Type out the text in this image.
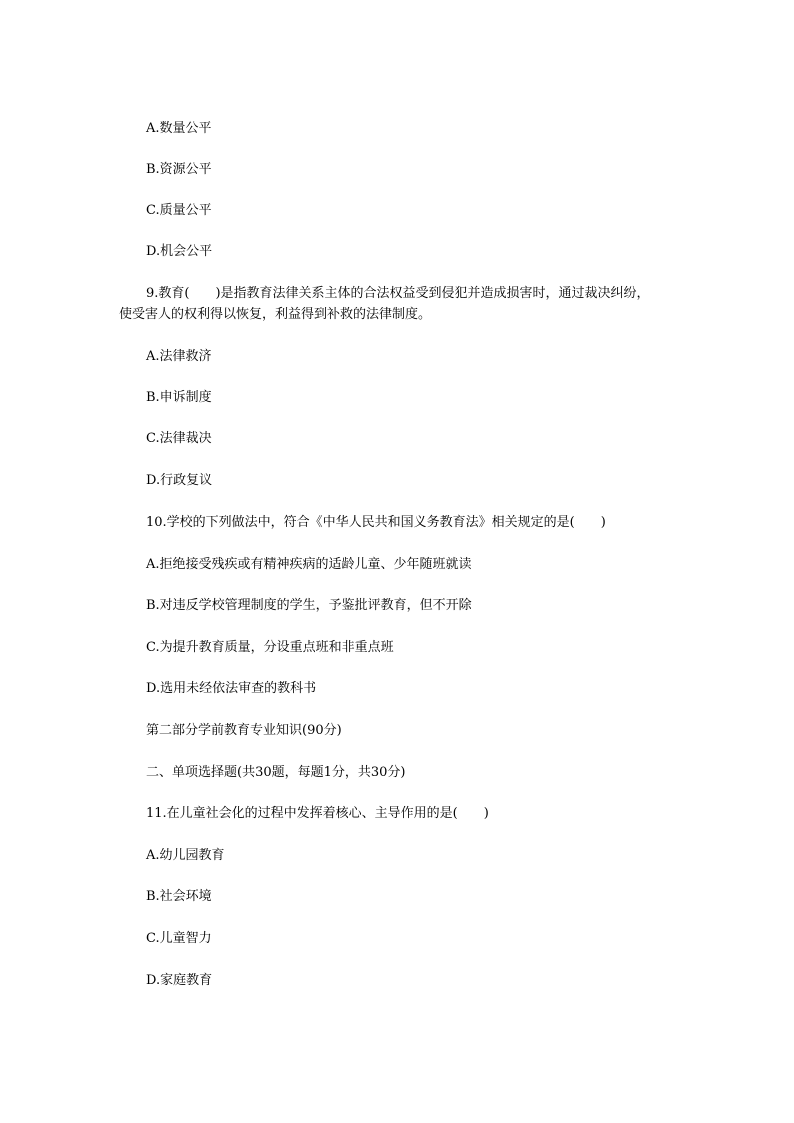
A.数量公平
B.资源公平
C.质量公平
D.机会公平
9.教育(　　)是指教育法律关系主体的合法权益受到侵犯并造成损害时，通过裁决纠纷，
使受害人的权利得以恢复，利益得到补救的法律制度。
A.法律救济
B.申诉制度
C.法律裁决
D.行政复议
10.学校的下列做法中，符合《中华人民共和国义务教育法》相关规定的是(　　)
A.拒绝接受残疾或有精神疾病的适龄儿童、少年随班就读
B.对违反学校管理制度的学生，予鉴批评教育，但不开除
C.为提升教育质量，分设重点班和非重点班
D.选用未经依法审查的教科书
第二部分学前教育专业知识(90分)
二、单项选择题(共30题，每题1分，共30分)
11.在儿童社会化的过程中发挥着核心、主导作用的是(　　)
A.幼儿园教育
B.社会环境
C.儿童智力
D.家庭教育
